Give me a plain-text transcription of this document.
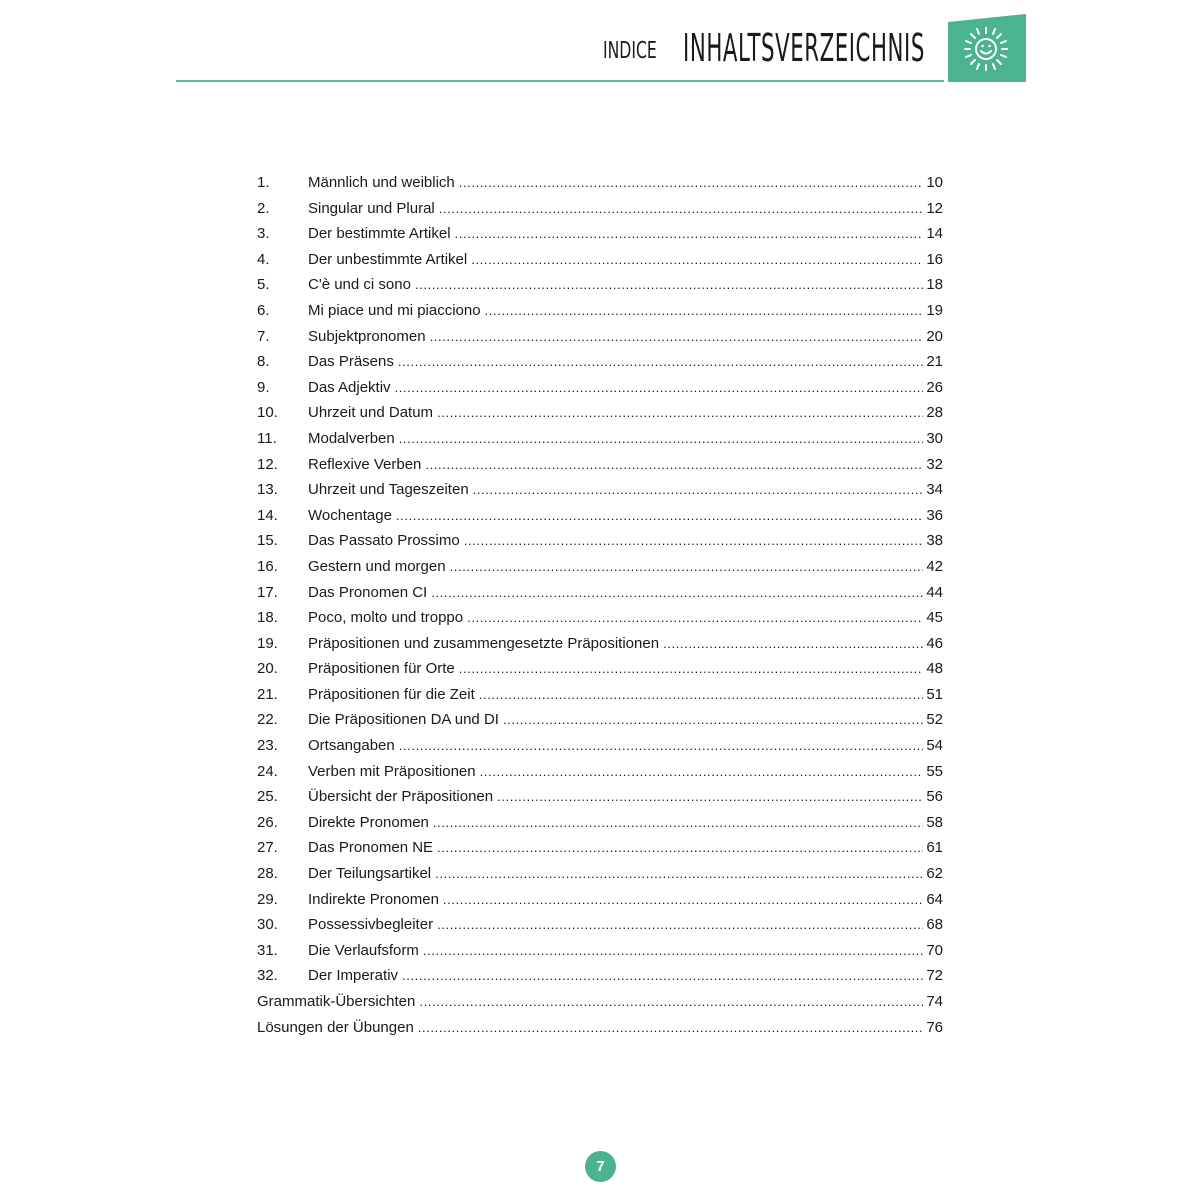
INDICE INHALTSVERZEICHNIS
1.	Männlich und weiblich .....	10
2.	Singular und Plural .....	12
3.	Der bestimmte Artikel .....	14
4.	Der unbestimmte Artikel .....	16
5.	C'è und ci sono .....	18
6.	Mi piace und mi piacciono .....	19
7.	Subjektpronomen .....	20
8.	Das Präsens .....	21
9.	Das Adjektiv .....	26
10.	Uhrzeit und Datum .....	28
11.	Modalverben .....	30
12.	Reflexive Verben .....	32
13.	Uhrzeit und Tageszeiten .....	34
14.	Wochentage .....	36
15.	Das Passato Prossimo .....	38
16.	Gestern und morgen .....	42
17.	Das Pronomen CI .....	44
18.	Poco, molto und troppo .....	45
19.	Präpositionen und zusammengesetzte Präpositionen .....	46
20.	Präpositionen für Orte .....	48
21.	Präpositionen für die Zeit .....	51
22.	Die Präpositionen DA und DI .....	52
23.	Ortsangaben .....	54
24.	Verben mit Präpositionen .....	55
25.	Übersicht der Präpositionen .....	56
26.	Direkte Pronomen .....	58
27.	Das Pronomen NE .....	61
28.	Der Teilungsartikel .....	62
29.	Indirekte Pronomen .....	64
30.	Possessivbegleiter .....	68
31.	Die Verlaufsform .....	70
32.	Der Imperativ .....	72
Grammatik-Übersichten .....	74
Lösungen der Übungen .....	76
7
